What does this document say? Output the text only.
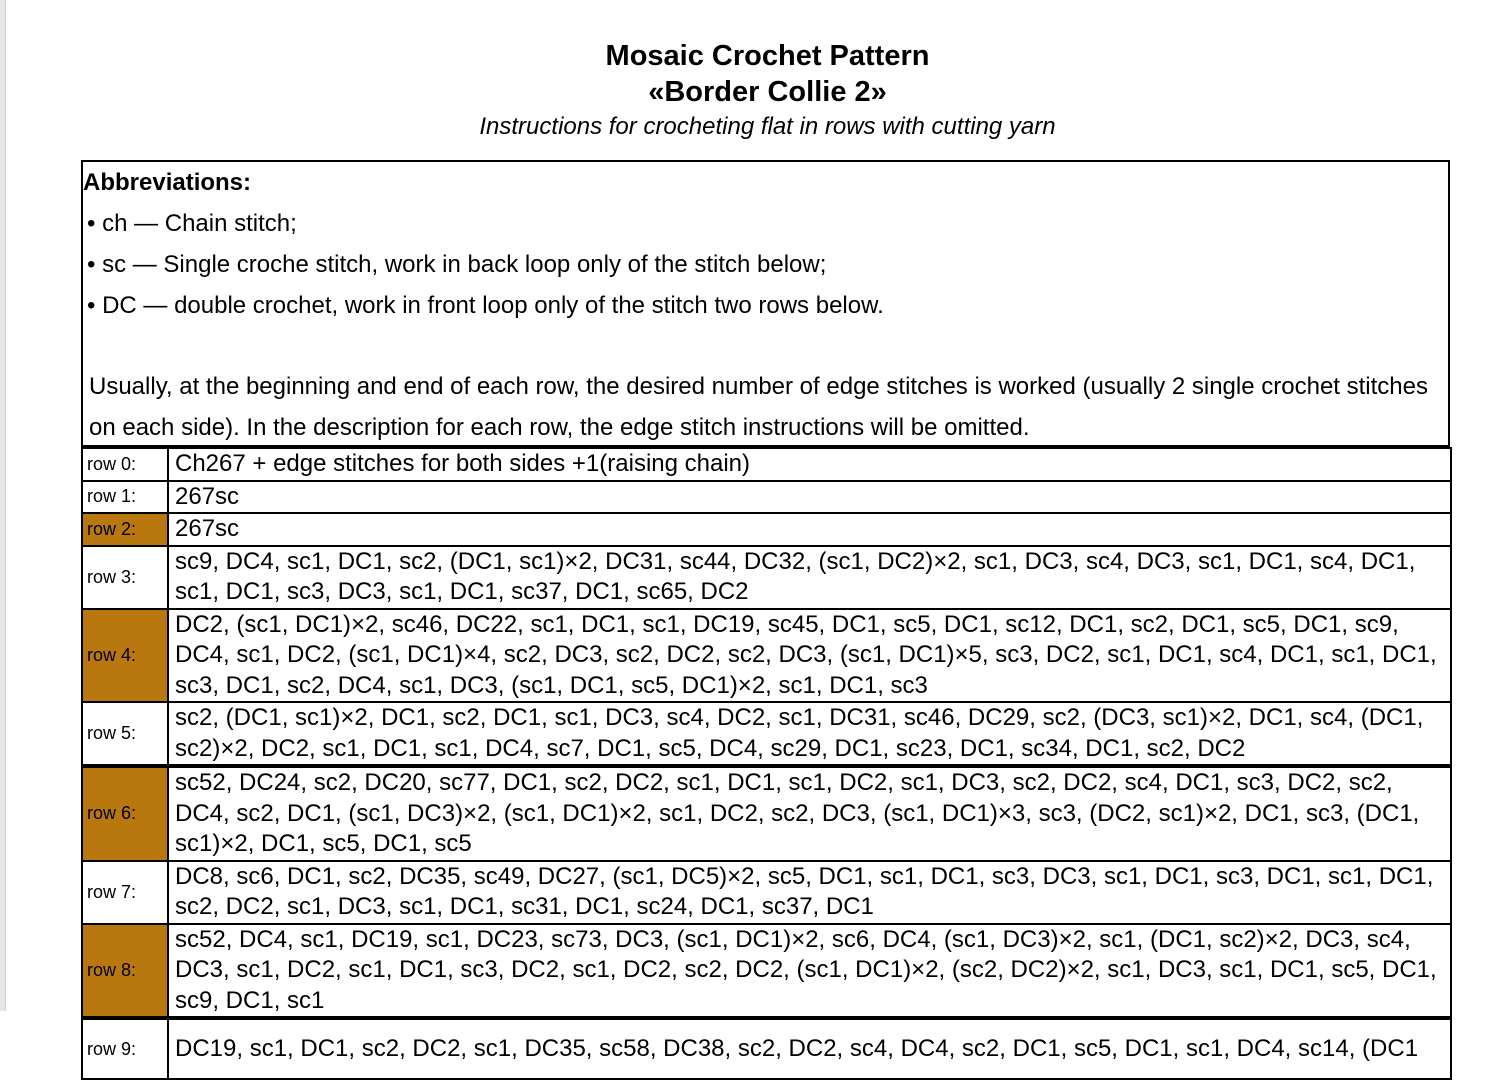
Mosaic Crochet Pattern
«Border Collie 2»
Instructions for crocheting flat in rows with cutting yarn
Abbreviations:
• ch — Chain stitch;
• sc — Single croche stitch, work in back loop only of the stitch below;
• DC — double crochet, work in front loop only of the stitch two rows below.
Usually, at the beginning and end of each row, the desired number of edge stitches is worked (usually 2 single crochet stitches on each side). In the description for each row, the edge stitch instructions will be omitted.
row 0:	Ch267 + edge stitches for both sides +1(raising chain)
row 1:	267sc
row 2:	267sc
row 3:	sc9, DC4, sc1, DC1, sc2, (DC1, sc1)×2, DC31, sc44, DC32, (sc1, DC2)×2, sc1, DC3, sc4, DC3, sc1, DC1, sc4, DC1, sc1, DC1, sc3, DC3, sc1, DC1, sc37, DC1, sc65, DC2
row 4:	DC2, (sc1, DC1)×2, sc46, DC22, sc1, DC1, sc1, DC19, sc45, DC1, sc5, DC1, sc12, DC1, sc2, DC1, sc5, DC1, sc9, DC4, sc1, DC2, (sc1, DC1)×4, sc2, DC3, sc2, DC2, sc2, DC3, (sc1, DC1)×5, sc3, DC2, sc1, DC1, sc4, DC1, sc1, DC1, sc3, DC1, sc2, DC4, sc1, DC3, (sc1, DC1, sc5, DC1)×2, sc1, DC1, sc3
row 5:	sc2, (DC1, sc1)×2, DC1, sc2, DC1, sc1, DC3, sc4, DC2, sc1, DC31, sc46, DC29, sc2, (DC3, sc1)×2, DC1, sc4, (DC1, sc2)×2, DC2, sc1, DC1, sc1, DC4, sc7, DC1, sc5, DC4, sc29, DC1, sc23, DC1, sc34, DC1, sc2, DC2
row 6:	sc52, DC24, sc2, DC20, sc77, DC1, sc2, DC2, sc1, DC1, sc1, DC2, sc1, DC3, sc2, DC2, sc4, DC1, sc3, DC2, sc2, DC4, sc2, DC1, (sc1, DC3)×2, (sc1, DC1)×2, sc1, DC2, sc2, DC3, (sc1, DC1)×3, sc3, (DC2, sc1)×2, DC1, sc3, (DC1, sc1)×2, DC1, sc5, DC1, sc5
row 7:	DC8, sc6, DC1, sc2, DC35, sc49, DC27, (sc1, DC5)×2, sc5, DC1, sc1, DC1, sc3, DC3, sc1, DC1, sc3, DC1, sc1, DC1, sc2, DC2, sc1, DC3, sc1, DC1, sc31, DC1, sc24, DC1, sc37, DC1
row 8:	sc52, DC4, sc1, DC19, sc1, DC23, sc73, DC3, (sc1, DC1)×2, sc6, DC4, (sc1, DC3)×2, sc1, (DC1, sc2)×2, DC3, sc4, DC3, sc1, DC2, sc1, DC1, sc3, DC2, sc1, DC2, sc2, DC2, (sc1, DC1)×2, (sc2, DC2)×2, sc1, DC3, sc1, DC1, sc5, DC1, sc9, DC1, sc1
row 9:	DC19, sc1, DC1, sc2, DC2, sc1, DC35, sc58, DC38, sc2, DC2, sc4, DC4, sc2, DC1, sc5, DC1, sc1, DC4, sc14, (DC1
